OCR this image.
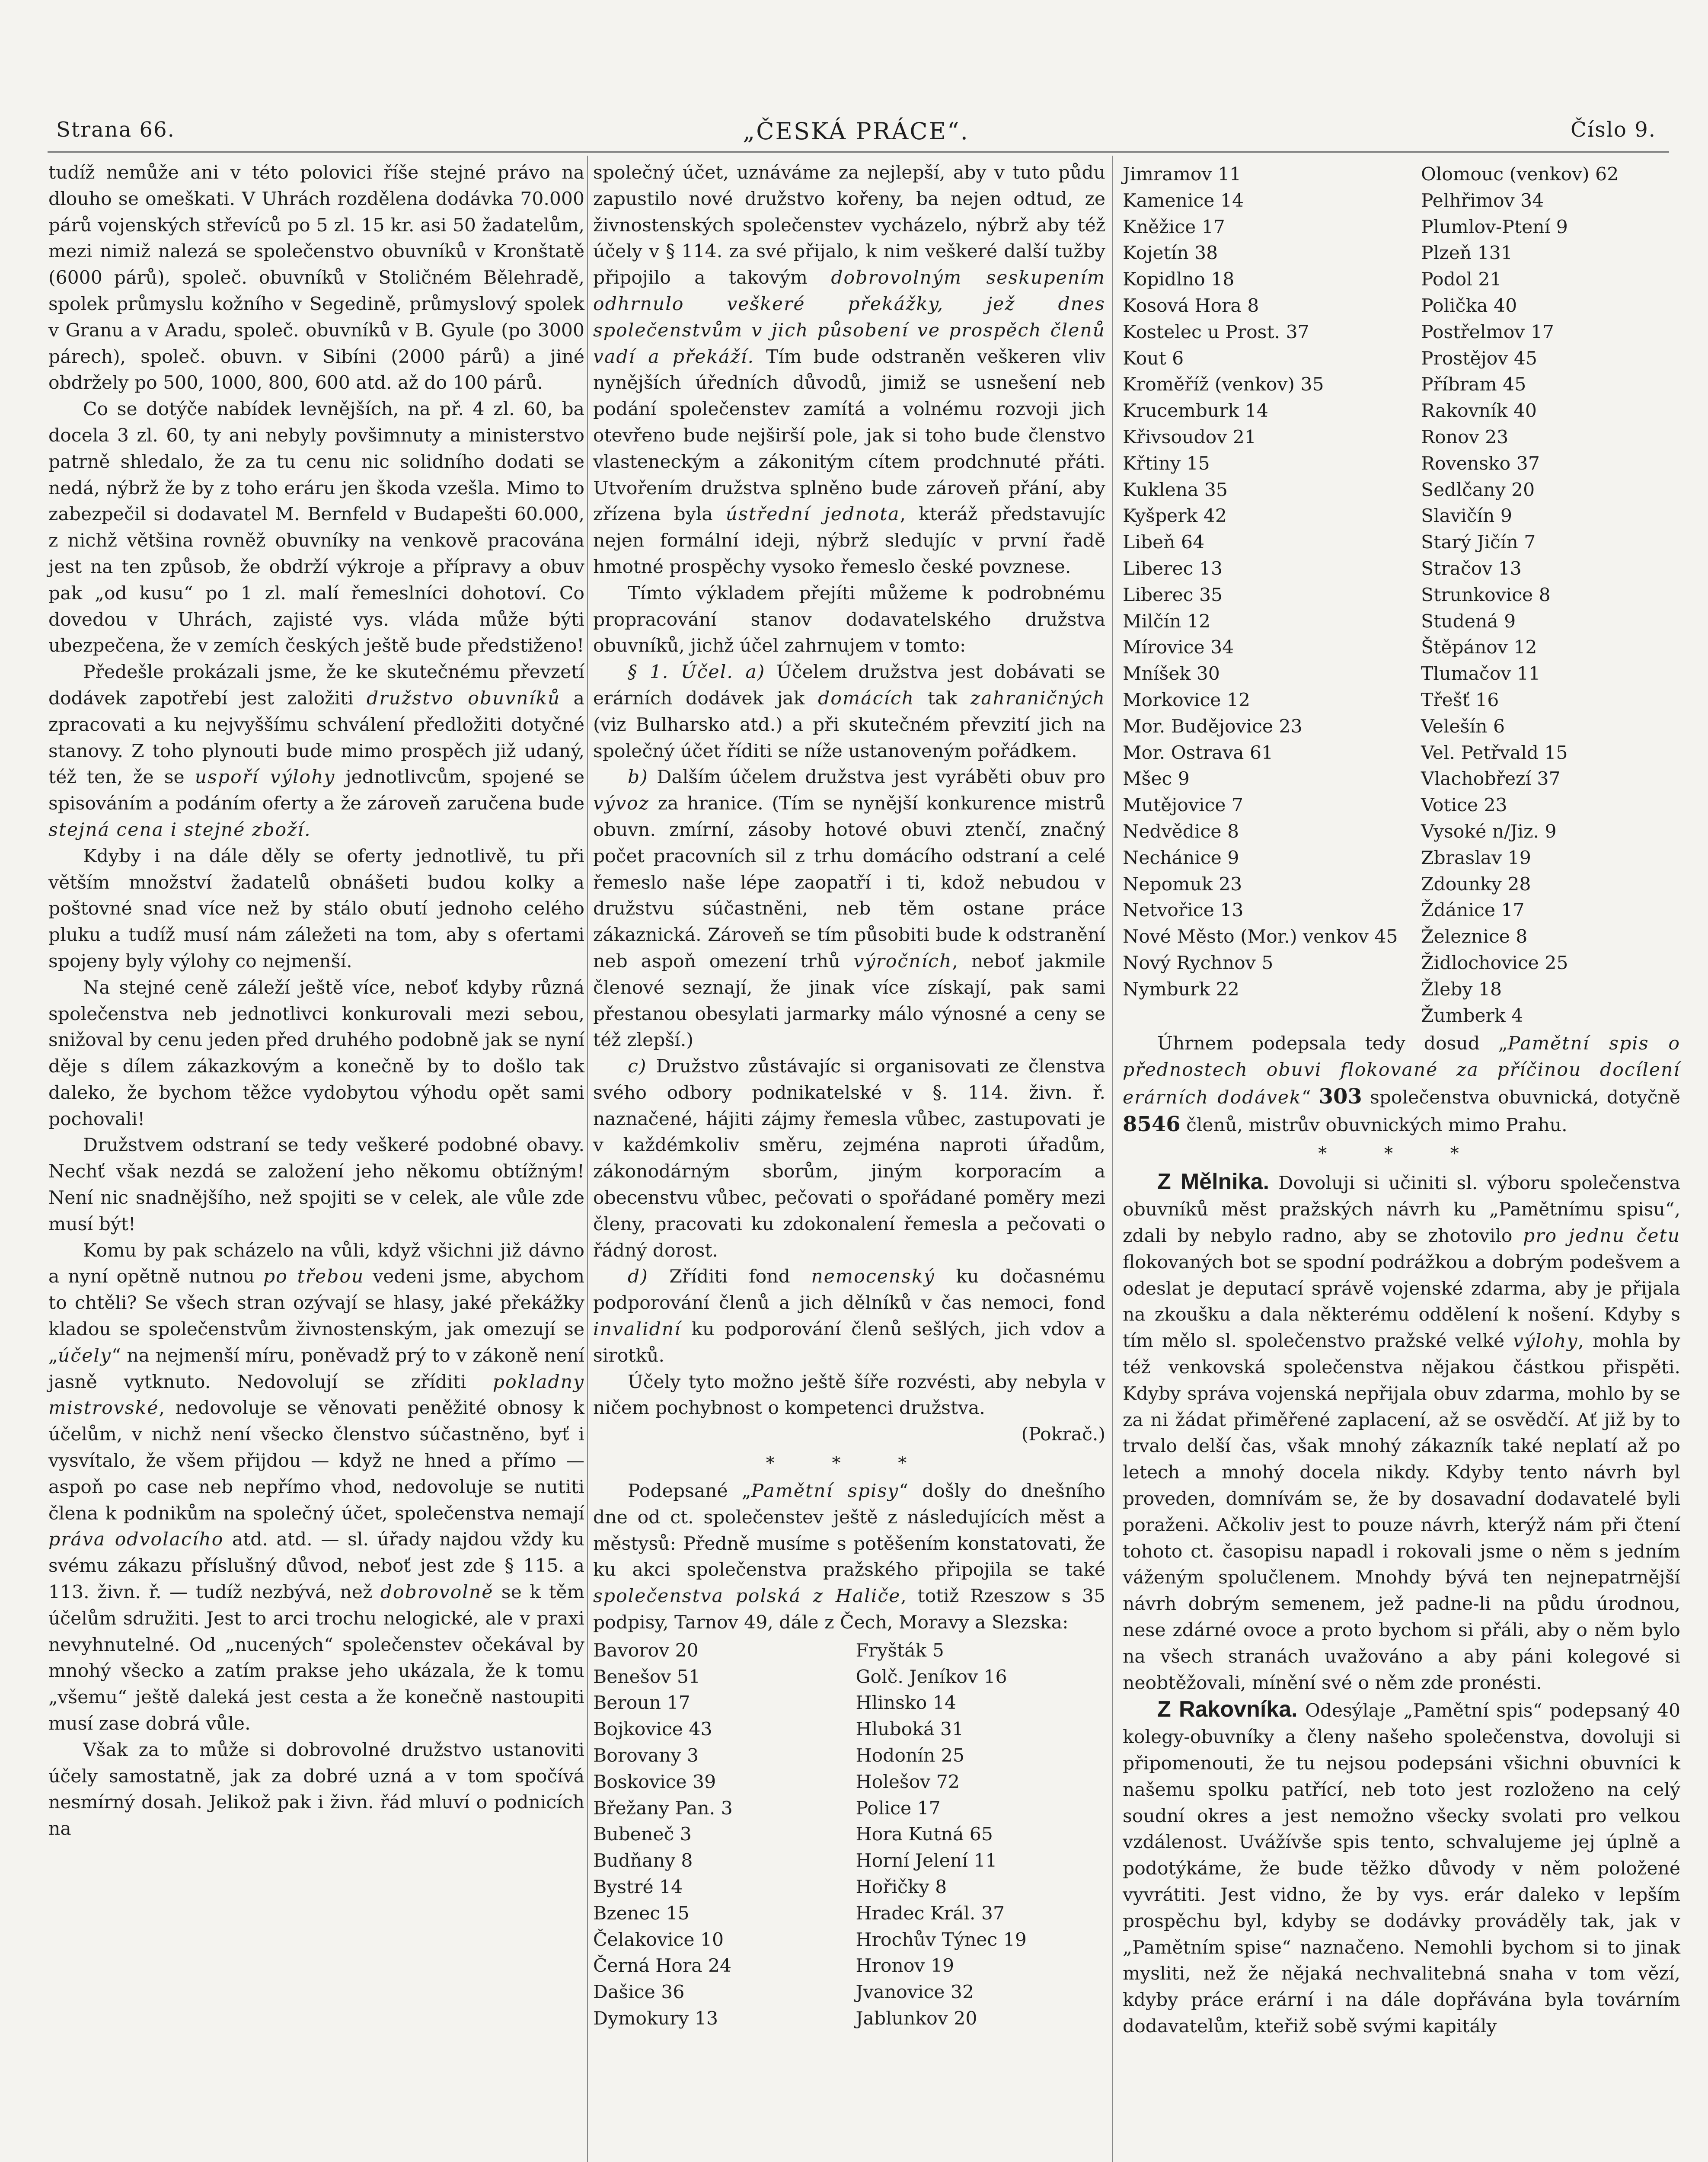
Strana 66.	„ČESKÁ PRÁCE“.	Číslo 9.

tudíž nemůže ani v této polovici říše stejné právo na dlouho se omeškati. V Uhrách rozdělena dodávka 70.000 párů vojenských střevíců po 5 zl. 15 kr. asi 50 žadatelům, mezi nimiž nalezá se společenstvo obuvníků v Kronštatě (6000 párů), společ. obuvníků v Stoličném Bělehradě, spolek průmyslu kožního v Segedině, průmyslový spolek v Granu a v Aradu, společ. obuvníků v B. Gyule (po 3000 párech), společ. obuvn. v Sibíni (2000 párů) a jiné obdržely po 500, 1000, 800, 600 atd. až do 100 párů.

Co se dotýče nabídek levnějších, na př. 4 zl. 60, ba docela 3 zl. 60, ty ani nebyly povšimnuty a ministerstvo patrně shledalo, že za tu cenu nic solidního dodati se nedá, nýbrž že by z toho eráru jen škoda vzešla. Mimo to zabezpečil si dodavatel M. Bernfeld v Budapešti 60.000, z nichž většina rovněž obuvníky na venkově pracována jest na ten způsob, že obdrží výkroje a přípravy a obuv pak „od kusu“ po 1 zl. malí řemeslníci dohotoví. Co dovedou v Uhrách, zajisté vys. vláda může býti ubezpečena, že v zemích českých ještě bude předstiženo!

Předešle prokázali jsme, že ke skutečnému převzetí dodávek zapotřebí jest založiti družstvo obuvníků a zpracovati a ku nejvyššímu schválení předložiti dotyčné stanovy. Z toho plynouti bude mimo prospěch již udaný, též ten, že se uspoří výlohy jednotlivcům, spojené se spisováním a podáním oferty a že zároveň zaručena bude stejná cena i stejné zboží.

Kdyby i na dále děly se oferty jednotlivě, tu při větším množství žadatelů obnášeti budou kolky a poštovné snad více než by stálo obutí jednoho celého pluku a tudíž musí nám záležeti na tom, aby s ofertami spojeny byly výlohy co nejmenší.

Na stejné ceně záleží ještě více, neboť kdyby různá společenstva neb jednotlivci konkurovali mezi sebou, snižoval by cenu jeden před druhého podobně jak se nyní děje s dílem zákazkovým a konečně by to došlo tak daleko, že bychom těžce vydobytou výhodu opět sami pochovali!

Družstvem odstraní se tedy veškeré podobné obavy. Nechť však nezdá se založení jeho někomu obtížným! Není nic snadnějšího, než spojiti se v celek, ale vůle zde musí být!

Komu by pak scházelo na vůli, když všichni již dávno a nyní opětně nutnou po třebou vedeni jsme, abychom to chtěli? Se všech stran ozývají se hlasy, jaké překážky kladou se společenstvům živnostenským, jak omezují se „účely“ na nejmenší míru, poněvadž prý to v zákoně není jasně vytknuto. Nedovolují se zříditi pokladny mistrovské, nedovoluje se věnovati peněžité obnosy k účelům, v nichž není všecko členstvo súčastněno, byť i vysvítalo, že všem přijdou — když ne hned a přímo — aspoň po case neb nepřímo vhod, nedovoluje se nutiti člena k podnikům na společný účet, společenstva nemají práva odvolacího atd. atd. — sl. úřady najdou vždy ku svému zákazu příslušný důvod, neboť jest zde § 115. a 113. živn. ř. — tudíž nezbývá, než dobrovolně se k těm účelům sdružiti. Jest to arci trochu nelogické, ale v praxi nevyhnutelné. Od „nucených“ společenstev očekával by mnohý všecko a zatím prakse jeho ukázala, že k tomu „všemu“ ještě daleká jest cesta a že konečně nastoupiti musí zase dobrá vůle.

Však za to může si dobrovolné družstvo ustanoviti účely samostatně, jak za dobré uzná a v tom spočívá nesmírný dosah. Jelikož pak i živn. řád mluví o podnicích na

společný účet, uznáváme za nejlepší, aby v tuto půdu zapustilo nové družstvo kořeny, ba nejen odtud, ze živnostenských společenstev vycházelo, nýbrž aby též účely v § 114. za své přijalo, k nim veškeré další tužby připojilo a takovým dobrovolným seskupením odhrnulo veškeré překážky, jež dnes společenstvům v jich působení ve prospěch členů vadí a překáží. Tím bude odstraněn veškeren vliv nynějších úředních důvodů, jimiž se usnešení neb podání společenstev zamítá a volnému rozvoji jich otevřeno bude nejširší pole, jak si toho bude členstvo vlasteneckým a zákonitým cítem prodchnuté přáti. Utvořením družstva splněno bude zároveň přání, aby zřízena byla ústřední jednota, kteráž představujíc nejen formální ideji, nýbrž sledujíc v první řadě hmotné prospěchy vysoko řemeslo české povznese.

Tímto výkladem přejíti můžeme k podrobnému propracování stanov dodavatelského družstva obuvníků, jichž účel zahrnujem v tomto:

§ 1. Účel. a) Účelem družstva jest dobávati se erárních dodávek jak domácích tak zahraničných (viz Bulharsko atd.) a při skutečném převzití jich na společný účet říditi se níže ustanoveným pořádkem.

b) Dalším účelem družstva jest vyráběti obuv pro vývoz za hranice. (Tím se nynější konkurence mistrů obuvn. zmírní, zásoby hotové obuvi ztenčí, značný počet pracovních sil z trhu domácího odstraní a celé řemeslo naše lépe zaopatří i ti, kdož nebudou v družstvu súčastněni, neb těm ostane práce zákaznická. Zároveň se tím působiti bude k odstranění neb aspoň omezení trhů výročních, neboť jakmile členové seznají, že jinak více získají, pak sami přestanou obesylati jarmarky málo výnosné a ceny se též zlepší.)

c) Družstvo zůstávajíc si organisovati ze členstva svého odbory podnikatelské v §. 114. živn. ř. naznačené, hájiti zájmy řemesla vůbec, zastupovati je v každémkoliv směru, zejména naproti úřadům, zákonodárným sborům, jiným korporacím a obecenstvu vůbec, pečovati o spořádané poměry mezi členy, pracovati ku zdokonalení řemesla a pečovati o řádný dorost.

d) Zříditi fond nemocenský ku dočasnému podporování členů a jich dělníků v čas nemoci, fond invalidní ku podporování členů sešlých, jich vdov a sirotků.

Účely tyto možno ještě šíře rozvésti, aby nebyla v ničem pochybnost o kompetenci družstva.

(Pokrač.)
* * *

Podepsané „Pamětní spisy“ došly do dnešního dne od ct. společenstev ještě z následujících měst a městysů: Předně musíme s potěšením konstatovati, že ku akci společenstva pražského připojila se také společenstva polská z Haliče, totiž Rzeszow s 35 podpisy, Tarnov 49, dále z Čech, Moravy a Slezska:

Bavorov 20	Fryšták 5
Benešov 51	Golč. Jeníkov 16
Beroun 17	Hlinsko 14
Bojkovice 43	Hluboká 31
Borovany 3	Hodonín 25
Boskovice 39	Holešov 72
Břežany Pan. 3	Police 17
Bubeneč 3	Hora Kutná 65
Budňany 8	Horní Jelení 11
Bystré 14	Hořičky 8
Bzenec 15	Hradec Král. 37
Čelakovice 10	Hrochův Týnec 19
Černá Hora 24	Hronov 19
Dašice 36	Jvanovice 32
Dymokury 13	Jablunkov 20
Jimramov 11	Olomouc (venkov) 62
Kamenice 14	Pelhřimov 34
Kněžice 17	Plumlov-Ptení 9
Kojetín 38	Plzeň 131
Kopidlno 18	Podol 21
Kosová Hora 8	Polička 40
Kostelec u Prost. 37	Postřelmov 17
Kout 6	Prostějov 45
Kroměříž (venkov) 35	Příbram 45
Krucemburk 14	Rakovník 40
Křivsoudov 21	Ronov 23
Křtiny 15	Rovensko 37
Kuklena 35	Sedlčany 20
Kyšperk 42	Slavičín 9
Libeň 64	Starý Jičín 7
Liberec 13	Stračov 13
Liberec 35	Strunkovice 8
Milčín 12	Studená 9
Mírovice 34	Štěpánov 12
Mníšek 30	Tlumačov 11
Morkovice 12	Třešť 16
Mor. Budějovice 23	Velešín 6
Mor. Ostrava 61	Vel. Petřvald 15
Mšec 9	Vlachobřezí 37
Mutějovice 7	Votice 23
Nedvědice 8	Vysoké n/Jiz. 9
Nechánice 9	Zbraslav 19
Nepomuk 23	Zdounky 28
Netvořice 13	Ždánice 17
Nové Město (Mor.) venkov 45	Železnice 8
Nový Rychnov 5	Židlochovice 25
Nymburk 22	Žleby 18
Žumberk 4

Úhrnem podepsala tedy dosud „Pamětní spis o přednostech obuvi flokované za příčinou docílení erárních dodávek“ 303 společenstva obuvnická, dotyčně 8546 členů, mistrův obuvnických mimo Prahu.

* * *

Z Mělnika. Dovoluji si učiniti sl. výboru společenstva obuvníků měst pražských návrh ku „Pamětnímu spisu“, zdali by nebylo radno, aby se zhotovilo pro jednu četu flokovaných bot se spodní podrážkou a dobrým podešvem a odeslat je deputací správě vojenské zdarma, aby je přijala na zkoušku a dala některému oddělení k nošení. Kdyby s tím mělo sl. společenstvo pražské velké výlohy, mohla by též venkovská společenstva nějakou částkou přispěti. Kdyby správa vojenská nepřijala obuv zdarma, mohlo by se za ni žádat přiměřené zaplacení, až se osvědčí. Ať již by to trvalo delší čas, však mnohý zákazník také neplatí až po letech a mnohý docela nikdy. Kdyby tento návrh byl proveden, domnívám se, že by dosavadní dodavatelé byli poraženi. Ačkoliv jest to pouze návrh, kterýž nám při čtení tohoto ct. časopisu napadl i rokovali jsme o něm s jedním váženým spolučlenem. Mnohdy bývá ten nejnepatrnější návrh dobrým semenem, jež padne-li na půdu úrodnou, nese zdárné ovoce a proto bychom si přáli, aby o něm bylo na všech stranách uvažováno a aby páni kolegové si neobtěžovali, mínění své o něm zde pronésti.

Z Rakovníka. Odesýlaje „Pamětní spis“ podepsaný 40 kolegy-obuvníky a členy našeho společenstva, dovoluji si připomenouti, že tu nejsou podepsáni všichni obuvníci k našemu spolku patřící, neb toto jest rozloženo na celý soudní okres a jest nemožno všecky svolati pro velkou vzdálenost. Uvážívše spis tento, schvalujeme jej úplně a podotýkáme, že bude těžko důvody v něm položené vyvrátiti. Jest vidno, že by vys. erár daleko v lepším prospěchu byl, kdyby se dodávky prováděly tak, jak v „Pamětním spise“ naznačeno. Nemohli bychom si to jinak mysliti, než že nějaká nechvalitebná snaha v tom vězí, kdyby práce erární i na dále dopřávána byla továrním dodavatelům, kteřiž sobě svými kapitály
